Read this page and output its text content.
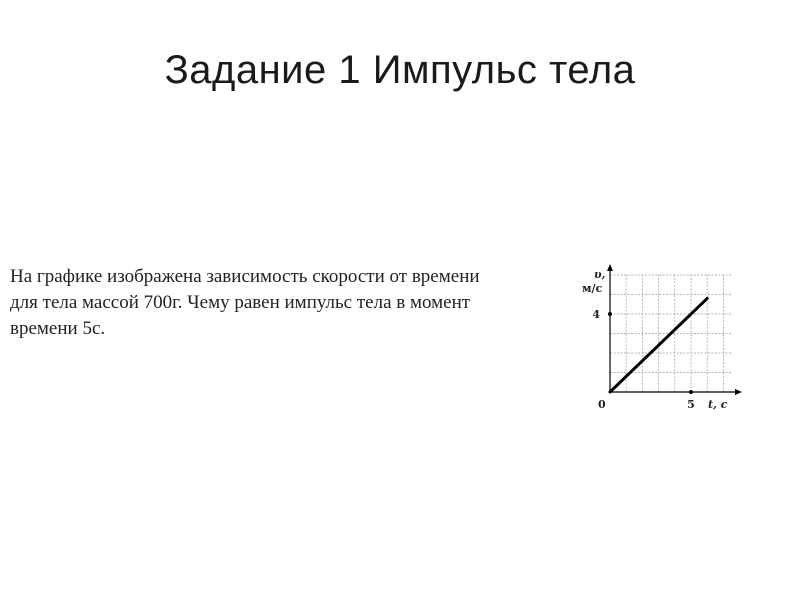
Задание 1 Импульс тела

На графике изображена зависимость скорости от времени
для тела массой 700г. Чему равен импульс тела в момент
времени 5с.

5
4
υ,
м/с
t, с
0
